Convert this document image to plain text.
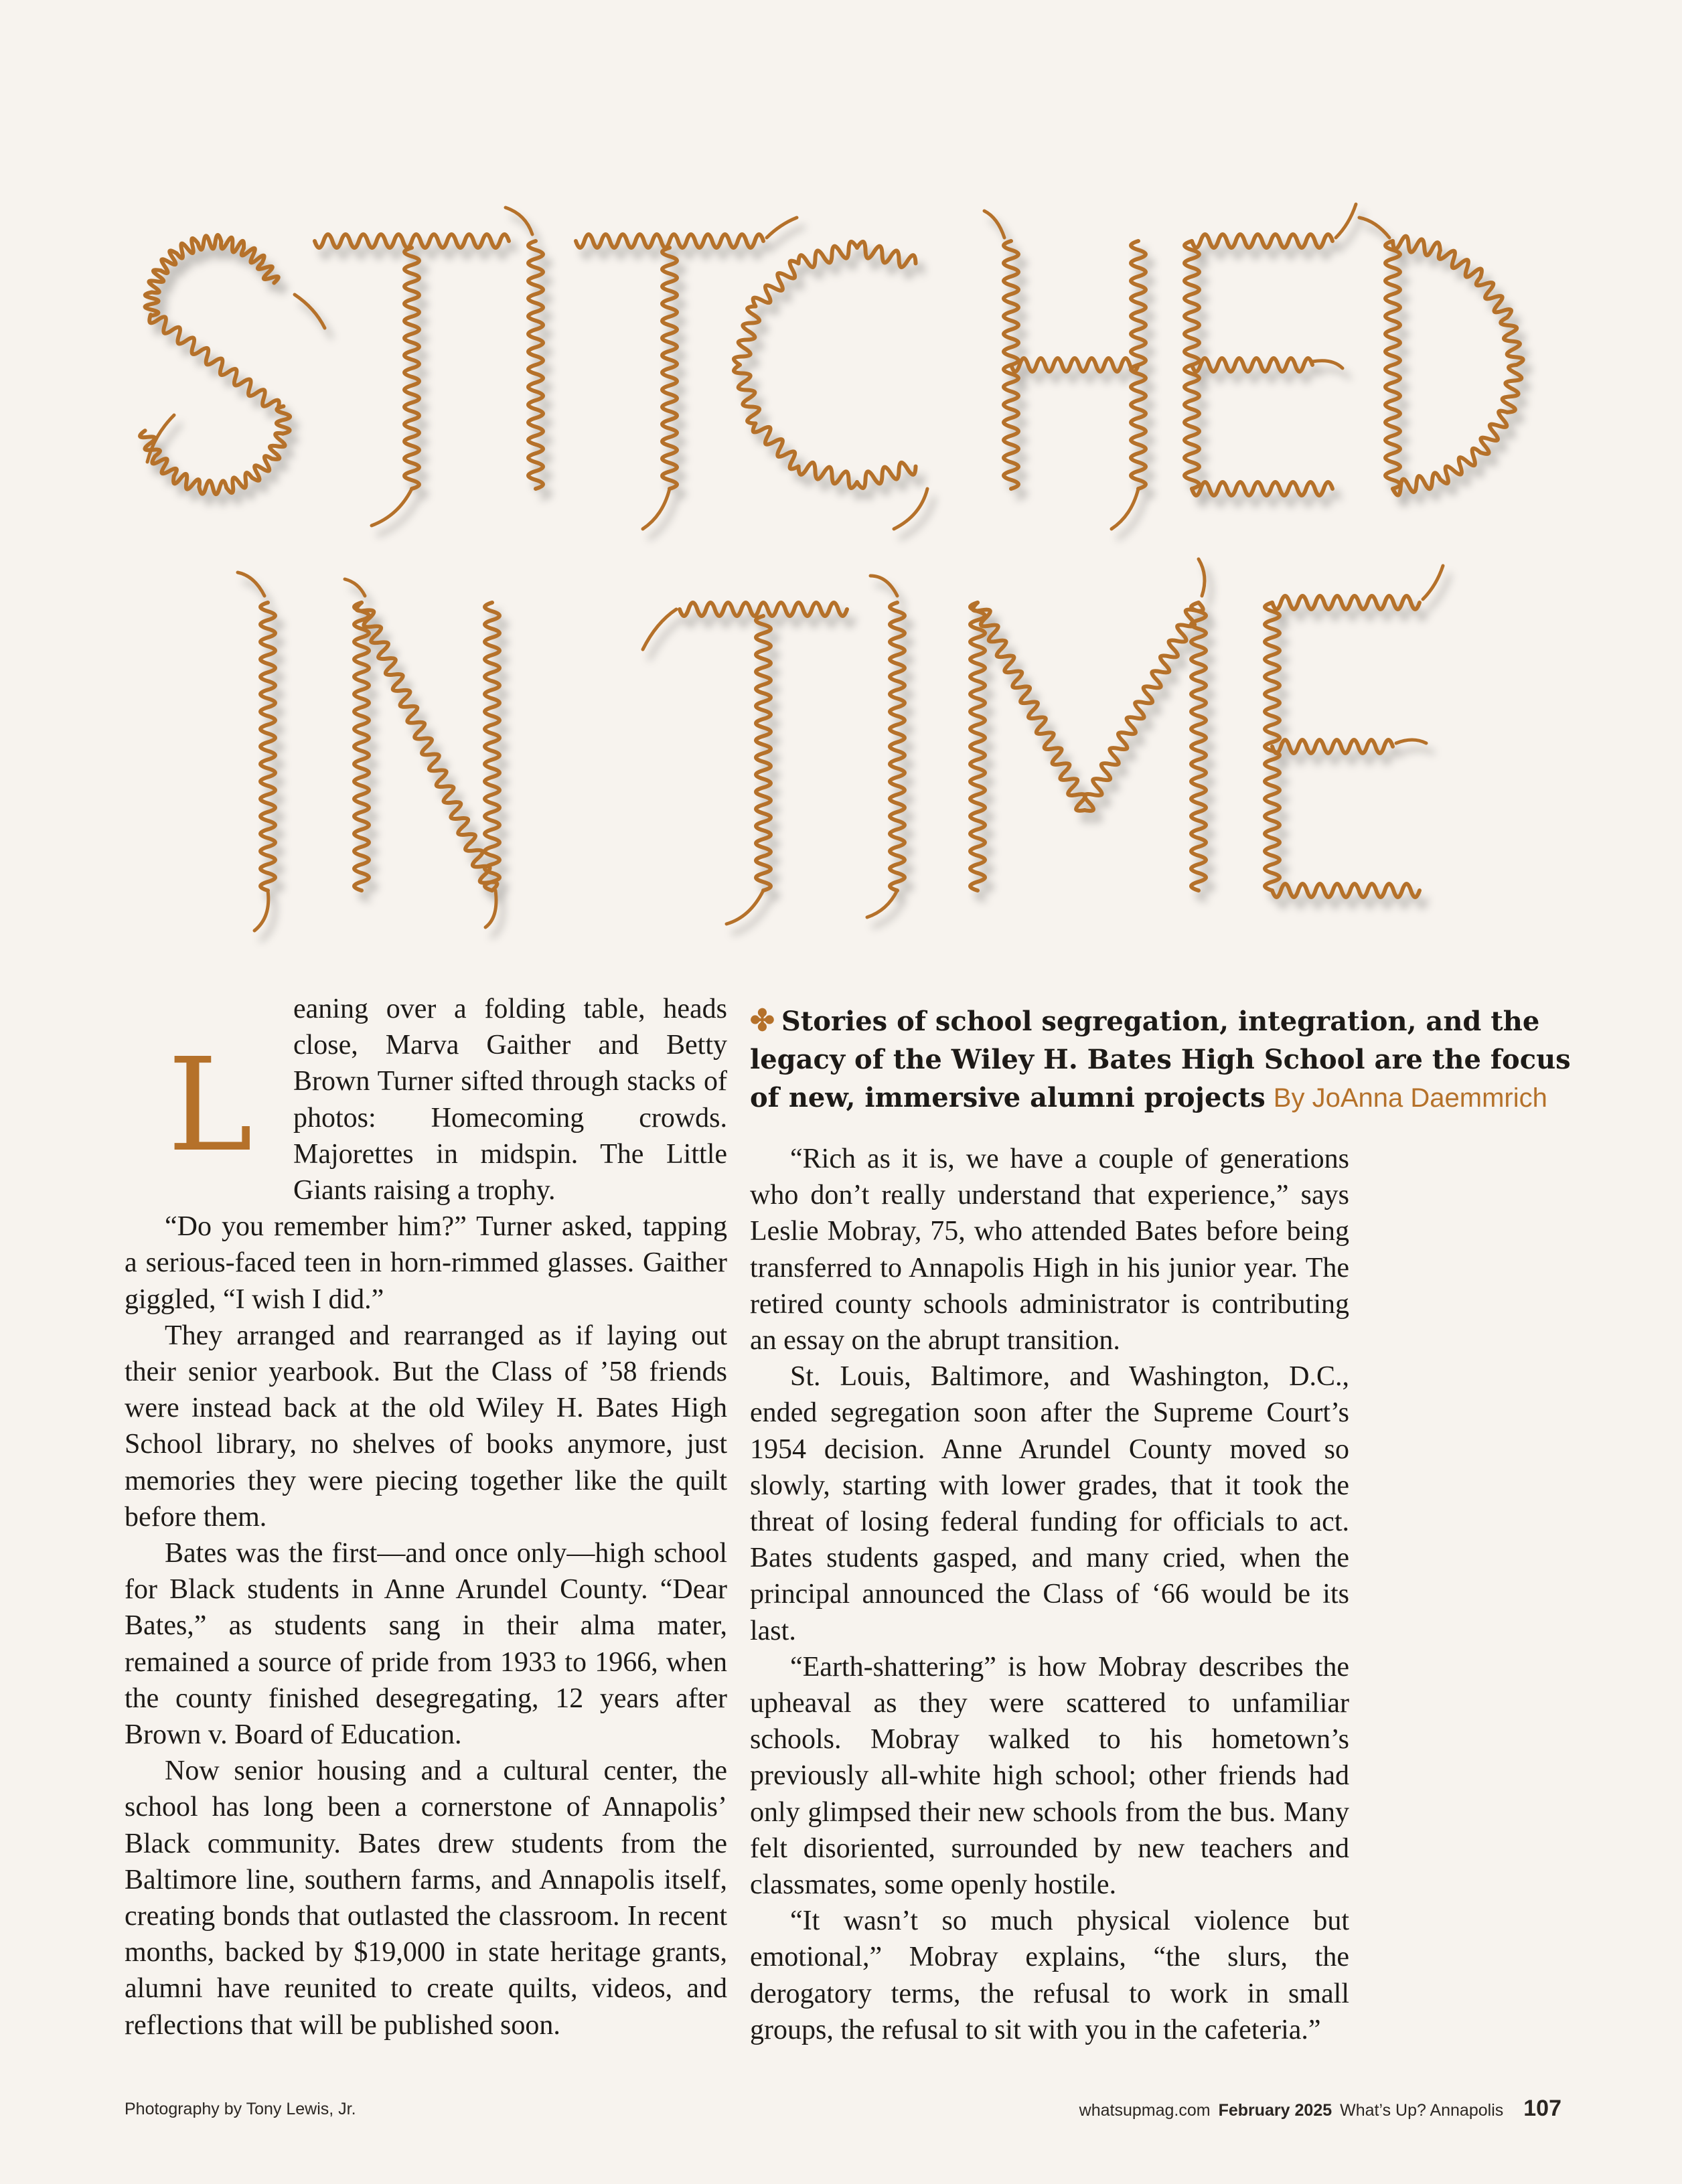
L

eaning over a folding table, heads close, Marva Gaither and Betty Brown Turner sifted through stacks of photos: Homecoming crowds. Majorettes in midspin. The Little Giants raising a trophy.

“Do you remember him?” Turner asked, tapping a serious-faced teen in horn-rimmed glasses. Gaither giggled, “I wish I did.”

They arranged and rearranged as if laying out their senior yearbook. But the Class of ’58 friends were instead back at the old Wiley H. Bates High School library, no shelves of books anymore, just memories they were piecing together like the quilt before them.

Bates was the first—and once only—high school for Black students in Anne Arundel County. “Dear Bates,” as students sang in their alma mater, remained a source of pride from 1933 to 1966, when the county finished desegregating, 12 years after Brown v. Board of Education.

Now senior housing and a cultural center, the school has long been a cornerstone of Annapolis’ Black community. Bates drew students from the Baltimore line, southern farms, and Annapolis itself, creating bonds that outlasted the classroom. In recent months, backed by $19,000 in state heritage grants, alumni have reunited to create quilts, videos, and reflections that will be published soon.

✤ Stories of school segregation, integration, and the legacy of the Wiley H. Bates High School are the focus of new, immersive alumni projects By JoAnna Daemmrich

“Rich as it is, we have a couple of generations who don’t really understand that experience,” says Leslie Mobray, 75, who attended Bates before being transferred to Annapolis High in his junior year. The retired county schools administrator is contributing an essay on the abrupt transition.

St. Louis, Baltimore, and Washington, D.C., ended segregation soon after the Supreme Court’s 1954 decision. Anne Arundel County moved so slowly, starting with lower grades, that it took the threat of losing federal funding for officials to act. Bates students gasped, and many cried, when the principal announced the Class of ‘66 would be its last.

“Earth-shattering” is how Mobray describes the upheaval as they were scattered to unfamiliar schools. Mobray walked to his hometown’s previously all-white high school; other friends had only glimpsed their new schools from the bus. Many felt disoriented, surrounded by new teachers and classmates, some openly hostile.

“It wasn’t so much physical violence but emotional,” Mobray explains, “the slurs, the derogatory terms, the refusal to work in small groups, the refusal to sit with you in the cafeteria.”

Photography by Tony Lewis, Jr.	whatsupmag.com February 2025 What’s Up? Annapolis 107
